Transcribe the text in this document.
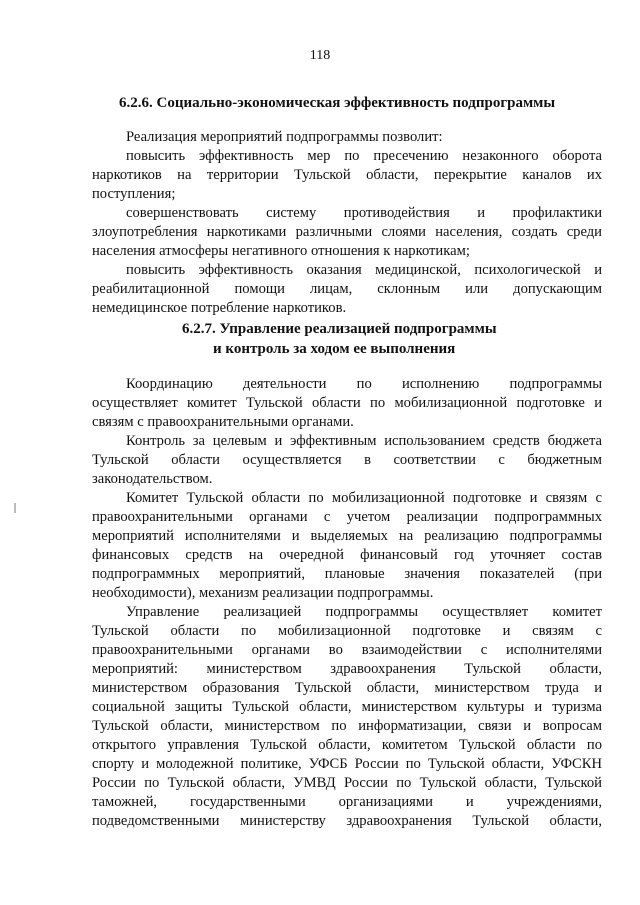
118
6.2.6. Социально-экономическая эффективность подпрограммы
Реализация мероприятий подпрограммы позволит:
повысить эффективность мер по пресечению незаконного оборота
наркотиков на территории Тульской области, перекрытие каналов их
поступления;
совершенствовать систему противодействия и профилактики
злоупотребления наркотиками различными слоями населения, создать среди
населения атмосферы негативного отношения к наркотикам;
повысить эффективность оказания медицинской, психологической и
реабилитационной помощи лицам, склонным или допускающим
немедицинское потребление наркотиков.
6.2.7. Управление реализацией подпрограммы
и контроль за ходом ее выполнения
Координацию деятельности по исполнению подпрограммы
осуществляет комитет Тульской области по мобилизационной подготовке и
связям с правоохранительными органами.
Контроль за целевым и эффективным использованием средств бюджета
Тульской области осуществляется в соответствии с бюджетным
законодательством.
Комитет Тульской области по мобилизационной подготовке и связям с
правоохранительными органами с учетом реализации подпрограммных
мероприятий исполнителями и выделяемых на реализацию подпрограммы
финансовых средств на очередной финансовый год уточняет состав
подпрограммных мероприятий, плановые значения показателей (при
необходимости), механизм реализации подпрограммы.
Управление реализацией подпрограммы осуществляет комитет
Тульской области по мобилизационной подготовке и связям с
правоохранительными органами во взаимодействии с исполнителями
мероприятий: министерством здравоохранения Тульской области,
министерством образования Тульской области, министерством труда и
социальной защиты Тульской области, министерством культуры и туризма
Тульской области, министерством по информатизации, связи и вопросам
открытого управления Тульской области, комитетом Тульской области по
спорту и молодежной политике, УФСБ России по Тульской области, УФСКН
России по Тульской области, УМВД России по Тульской области, Тульской
таможней, государственными организациями и учреждениями,
подведомственными министерству здравоохранения Тульской области,
